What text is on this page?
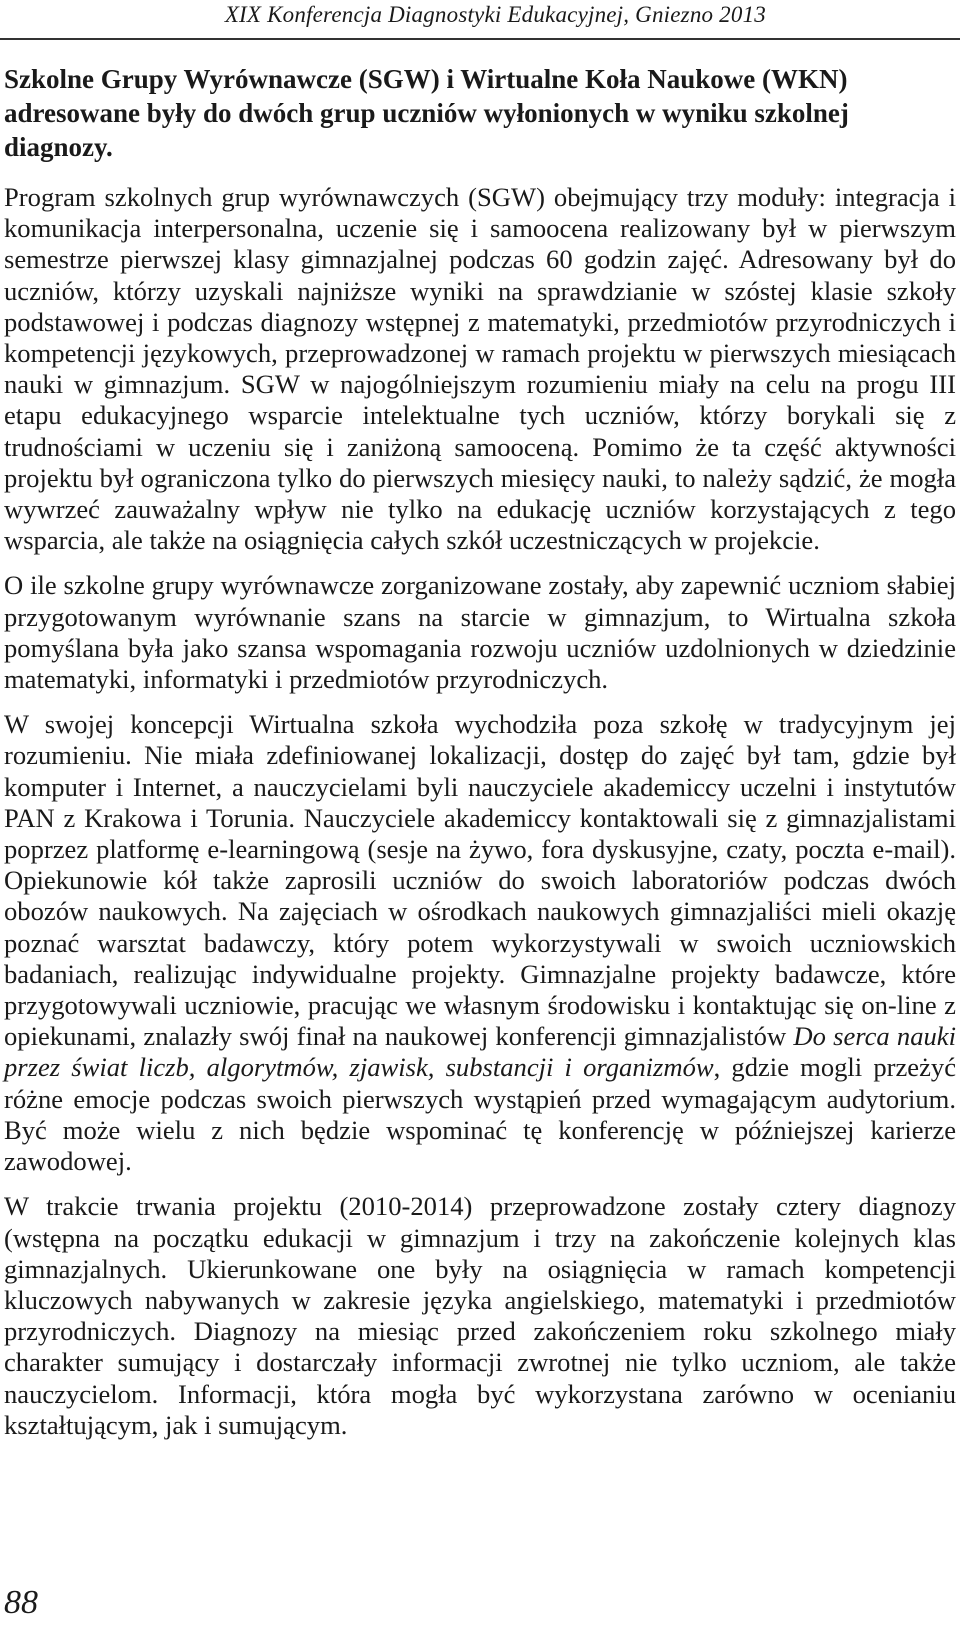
XIX Konferencja Diagnostyki Edukacyjnej, Gniezno 2013
Szkolne Grupy Wyrównawcze (SGW) i Wirtualne Koła Naukowe (WKN) adresowane były do dwóch grup uczniów wyłonionych w wyniku szkolnej diagnozy.

Program szkolnych grup wyrównawczych (SGW) obejmujący trzy moduły: integracja i komunikacja interpersonalna, uczenie się i samoocena realizowany był w pierwszym semestrze pierwszej klasy gimnazjalnej podczas 60 godzin zajęć. Adresowany był do uczniów, którzy uzyskali najniższe wyniki na sprawdzianie w szóstej klasie szkoły podstawowej i podczas diagnozy wstępnej z matematyki, przedmiotów przyrodniczych i kompetencji językowych, przeprowadzonej w ramach projektu w pierwszych miesiącach nauki w gimnazjum. SGW w najogólniejszym rozumieniu miały na celu na progu III etapu edukacyjnego wsparcie intelektualne tych uczniów, którzy borykali się z trudnościami w uczeniu się i zaniżoną samooceną. Pomimo że ta część aktywności projektu był ograniczona tylko do pierwszych miesięcy nauki, to należy sądzić, że mogła wywrzeć zauważalny wpływ nie tylko na edukację uczniów korzystających z tego wsparcia, ale także na osiągnięcia całych szkół uczestniczących w projekcie.

O ile szkolne grupy wyrównawcze zorganizowane zostały, aby zapewnić uczniom słabiej przygotowanym wyrównanie szans na starcie w gimnazjum, to Wirtualna szkoła pomyślana była jako szansa wspomagania rozwoju uczniów uzdolnionych w dziedzinie matematyki, informatyki i przedmiotów przyrodniczych.

W swojej koncepcji Wirtualna szkoła wychodziła poza szkołę w tradycyjnym jej rozumieniu. Nie miała zdefiniowanej lokalizacji, dostęp do zajęć był tam, gdzie był komputer i Internet, a nauczycielami byli nauczyciele akademiccy uczelni i instytutów PAN z Krakowa i Torunia. Nauczyciele akademiccy kontaktowali się z gimnazjalistami poprzez platformę e-learningową (sesje na żywo, fora dyskusyjne, czaty, poczta e-mail). Opiekunowie kół także zaprosili uczniów do swoich laboratoriów podczas dwóch obozów naukowych. Na zajęciach w ośrodkach naukowych gimnazjaliści mieli okazję poznać warsztat badawczy, który potem wykorzystywali w swoich uczniowskich badaniach, realizując indywidualne projekty. Gimnazjalne projekty badawcze, które przygotowywali uczniowie, pracując we własnym środowisku i kontaktując się on-line z opiekunami, znalazły swój finał na naukowej konferencji gimnazjalistów Do serca nauki przez świat liczb, algorytmów, zjawisk, substancji i organizmów, gdzie mogli przeżyć różne emocje podczas swoich pierwszych wystąpień przed wymagającym audytorium. Być może wielu z nich będzie wspominać tę konferencję w późniejszej karierze zawodowej.

W trakcie trwania projektu (2010-2014) przeprowadzone zostały cztery diagnozy (wstępna na początku edukacji w gimnazjum i trzy na zakończenie kolejnych klas gimnazjalnych. Ukierunkowane one były na osiągnięcia w ramach kompetencji kluczowych nabywanych w zakresie języka angielskiego, matematyki i przedmiotów przyrodniczych. Diagnozy na miesiąc przed zakończeniem roku szkolnego miały charakter sumujący i dostarczały informacji zwrotnej nie tylko uczniom, ale także nauczycielom. Informacji, która mogła być wykorzystana zarówno w ocenianiu kształtującym, jak i sumującym.

88
